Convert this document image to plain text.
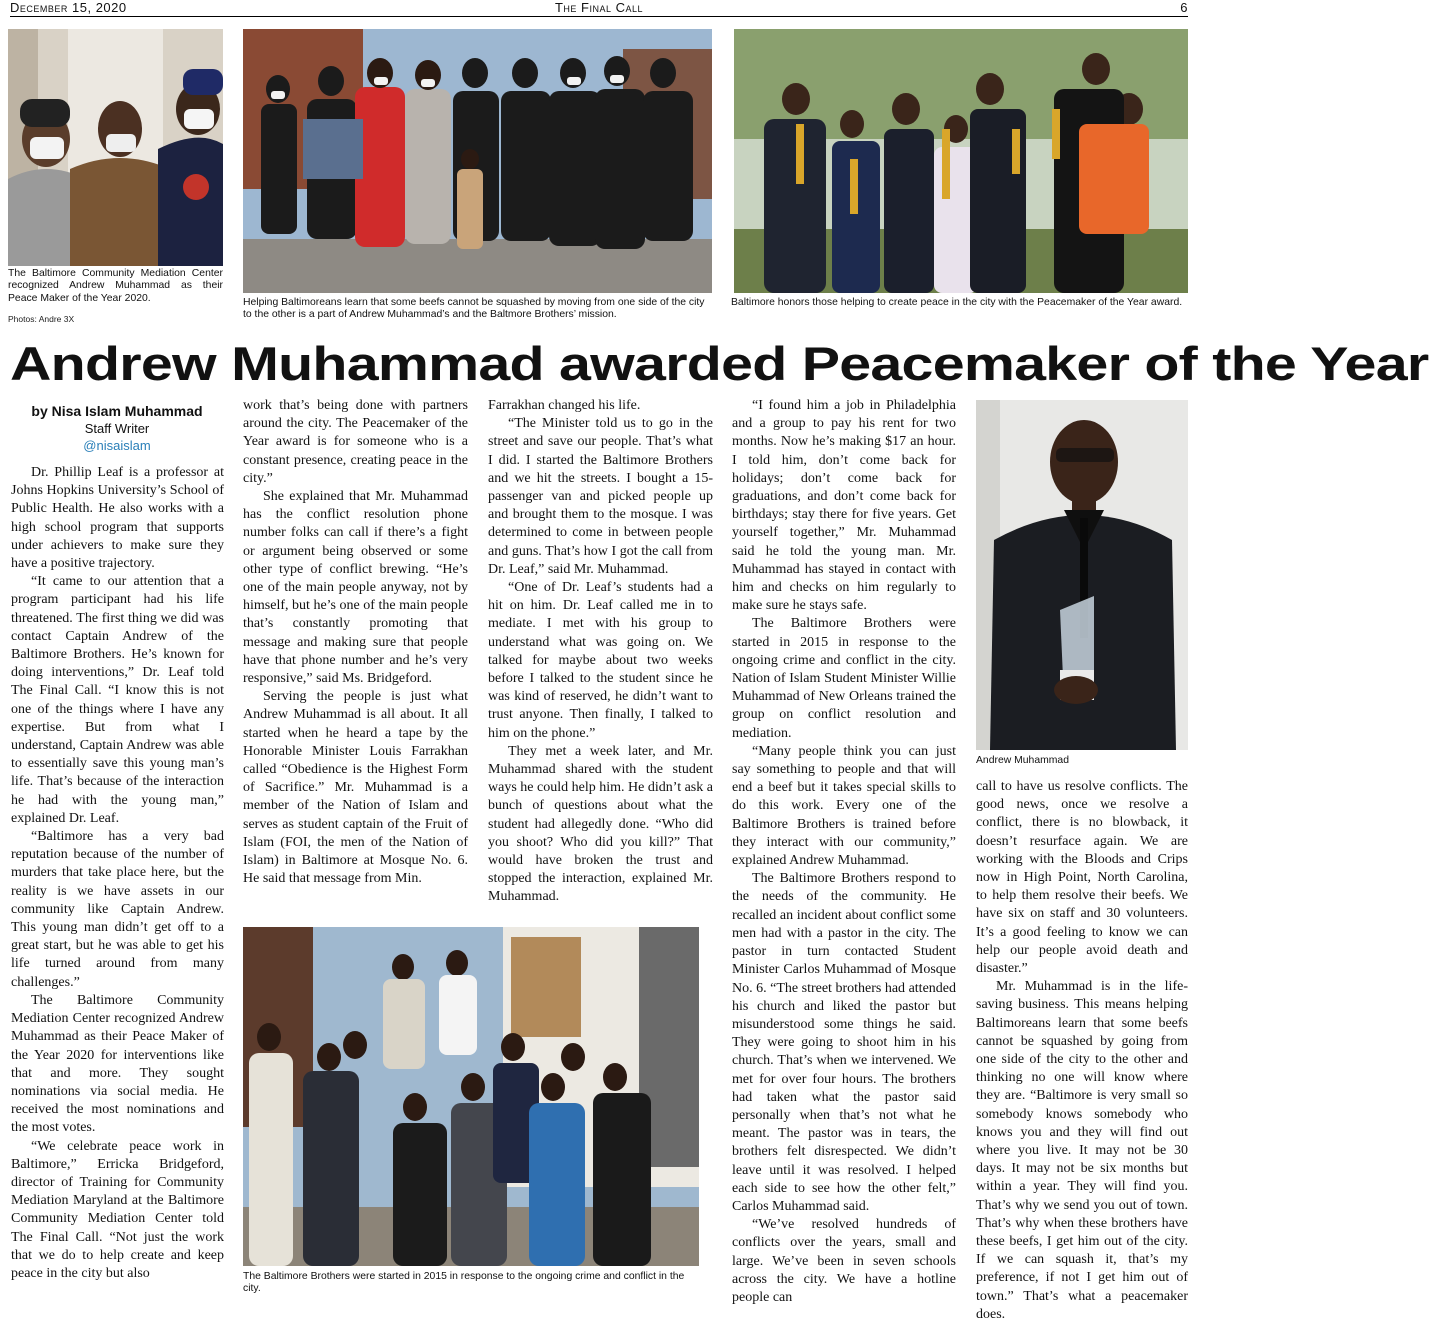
December 15, 2020	The Final Call	6
The Baltimore Community Mediation Center recognized Andrew Muhammad as their Peace Maker of the Year 2020.
Photos: Andre 3X
Helping Baltimoreans learn that some beefs cannot be squashed by moving from one side of the city to the other is a part of Andrew Muhammad’s and the Baltmore Brothers’ mission.
Baltimore honors those helping to create peace in the city with the Peacemaker of the Year award.
Andrew Muhammad awarded Peacemaker of the Year
by Nisa Islam Muhammad
Staff Writer
@nisaislam

Dr. Phillip Leaf is a professor at Johns Hopkins University’s School of Public Health. He also works with a high school program that supports under achievers to make sure they have a positive trajectory.

“It came to our attention that a program participant had his life threatened. The first thing we did was contact Captain Andrew of the Baltimore Brothers. He’s known for doing interventions,” Dr. Leaf told The Final Call. “I know this is not one of the things where I have any expertise. But from what I understand, Captain Andrew was able to essentially save this young man’s life. That’s because of the interaction he had with the young man,” explained Dr. Leaf.

“Baltimore has a very bad reputation because of the number of murders that take place here, but the reality is we have assets in our community like Captain Andrew. This young man didn’t get off to a great start, but he was able to get his life turned around from many challenges.”

The Baltimore Community Mediation Center recognized Andrew Muhammad as their Peace Maker of the Year 2020 for interventions like that and more. They sought nominations via social media. He received the most nominations and the most votes.

“We celebrate peace work in Baltimore,” Erricka Bridgeford, director of Training for Community Mediation Maryland at the Baltimore Community Mediation Center told The Final Call. “Not just the work that we do to help create and keep peace in the city but also

work that’s being done with partners around the city. The Peacemaker of the Year award is for someone who is a constant presence, creating peace in the city.”

She explained that Mr. Muhammad has the conflict resolution phone number folks can call if there’s a fight or argument being observed or some other type of conflict brewing. “He’s one of the main people anyway, not by himself, but he’s one of the main people that’s constantly promoting that message and making sure that people have that phone number and he’s very responsive,” said Ms. Bridgeford.

Serving the people is just what Andrew Muhammad is all about. It all started when he heard a tape by the Honorable Minister Louis Farrakhan called “Obedience is the Highest Form of Sacrifice.” Mr. Muhammad is a member of the Nation of Islam and serves as student captain of the Fruit of Islam (FOI, the men of the Nation of Islam) in Baltimore at Mosque No. 6. He said that message from Min.

Farrakhan changed his life.

“The Minister told us to go in the street and save our people. That’s what I did. I started the Baltimore Brothers and we hit the streets. I bought a 15-passenger van and picked people up and brought them to the mosque. I was determined to come in between people and guns. That’s how I got the call from Dr. Leaf,” said Mr. Muhammad.

“One of Dr. Leaf’s students had a hit on him. Dr. Leaf called me in to mediate. I met with his group to understand what was going on. We talked for maybe about two weeks before I talked to the student since he was kind of reserved, he didn’t want to trust anyone. Then finally, I talked to him on the phone.”

They met a week later, and Mr. Muhammad shared with the student ways he could help him. He didn’t ask a bunch of questions about what the student had allegedly done. “Who did you shoot? Who did you kill?” That would have broken the trust and stopped the interaction, explained Mr. Muhammad.

The Baltimore Brothers were started in 2015 in response to the ongoing crime and conflict in the city.

“I found him a job in Philadelphia and a group to pay his rent for two months. Now he’s making $17 an hour. I told him, don’t come back for holidays; don’t come back for graduations, and don’t come back for birthdays; stay there for five years. Get yourself together,” Mr. Muhammad said he told the young man. Mr. Muhammad has stayed in contact with him and checks on him regularly to make sure he stays safe.

The Baltimore Brothers were started in 2015 in response to the ongoing crime and conflict in the city. Nation of Islam Student Minister Willie Muhammad of New Orleans trained the group on conflict resolution and mediation.

“Many people think you can just say something to people and that will end a beef but it takes special skills to do this work. Every one of the Baltimore Brothers is trained before they interact with our community,” explained Andrew Muhammad.

The Baltimore Brothers respond to the needs of the community. He recalled an incident about conflict some men had with a pastor in the city. The pastor in turn contacted Student Minister Carlos Muhammad of Mosque No. 6. “The street brothers had attended his church and liked the pastor but misunderstood some things he said. They were going to shoot him in his church. That’s when we intervened. We met for over four hours. The brothers had taken what the pastor said personally when that’s not what he meant. The pastor was in tears, the brothers felt disrespected. We didn’t leave until it was resolved. I helped each side to see how the other felt,” Carlos Muhammad said.

“We’ve resolved hundreds of conflicts over the years, small and large. We’ve been in seven schools across the city. We have a hotline people can

Andrew Muhammad

call to have us resolve conflicts. The good news, once we resolve a conflict, there is no blowback, it doesn’t resurface again. We are working with the Bloods and Crips now in High Point, North Carolina, to help them resolve their beefs. We have six on staff and 30 volunteers. It’s a good feeling to know we can help our people avoid death and disaster.”

Mr. Muhammad is in the life-saving business. This means helping Baltimoreans learn that some beefs cannot be squashed by going from one side of the city to the other and thinking no one will know where they are. “Baltimore is very small so somebody knows somebody who knows you and they will find out where you live. It may not be 30 days. It may not be six months but within a year. They will find you. That’s why we send you out of town. That’s why when these brothers have these beefs, I get him out of the city. If we can squash it, that’s my preference, if not I get him out of town.” That’s what a peacemaker does.
